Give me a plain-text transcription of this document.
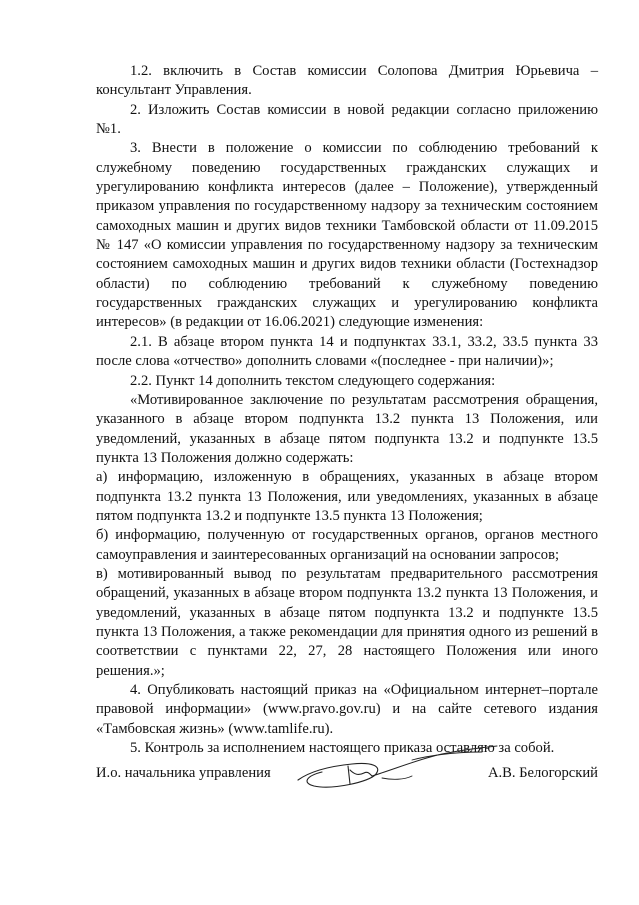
1.2. включить в Состав комиссии Солопова Дмитрия Юрьевича – консультант Управления.

2. Изложить Состав комиссии в новой редакции согласно приложению №1.

3. Внести в положение о комиссии по соблюдению требований к служебному поведению государственных гражданских служащих и урегулированию конфликта интересов (далее – Положение), утвержденный приказом управления по государственному надзору за техническим состоянием самоходных машин и других видов техники Тамбовской области от 11.09.2015 № 147 «О комиссии управления по государственному надзору за техническим состоянием самоходных машин и других видов техники области (Гостехнадзор области) по соблюдению требований к служебному поведению государственных гражданских служащих и урегулированию конфликта интересов» (в редакции от 16.06.2021) следующие изменения:

2.1. В абзаце втором пункта 14 и подпунктах 33.1, 33.2, 33.5 пункта 33 после слова «отчество» дополнить словами «(последнее - при наличии)»;

2.2. Пункт 14 дополнить текстом следующего содержания:

«Мотивированное заключение по результатам рассмотрения обращения, указанного в абзаце втором подпункта 13.2 пункта 13 Положения, или уведомлений, указанных в абзаце пятом подпункта 13.2 и подпункте 13.5 пункта 13 Положения должно содержать:

а) информацию, изложенную в обращениях, указанных в абзаце втором подпункта 13.2 пункта 13 Положения, или уведомлениях, указанных в абзаце пятом подпункта 13.2 и подпункте 13.5 пункта 13 Положения;

б) информацию, полученную от государственных органов, органов местного самоуправления и заинтересованных организаций на основании запросов;

в) мотивированный вывод по результатам предварительного рассмотрения обращений, указанных в абзаце втором подпункта 13.2 пункта 13 Положения, и уведомлений, указанных в абзаце пятом подпункта 13.2 и подпункте 13.5 пункта 13 Положения, а также рекомендации для принятия одного из решений в соответствии с пунктами 22, 27, 28 настоящего Положения или иного решения.»;

4. Опубликовать настоящий приказ на «Официальном интернет–портале правовой информации» (www.pravo.gov.ru) и на сайте сетевого издания «Тамбовская жизнь» (www.tamlife.ru).

5. Контроль за исполнением настоящего приказа оставляю за собой.

И.о. начальника управления	А.В. Белогорский
